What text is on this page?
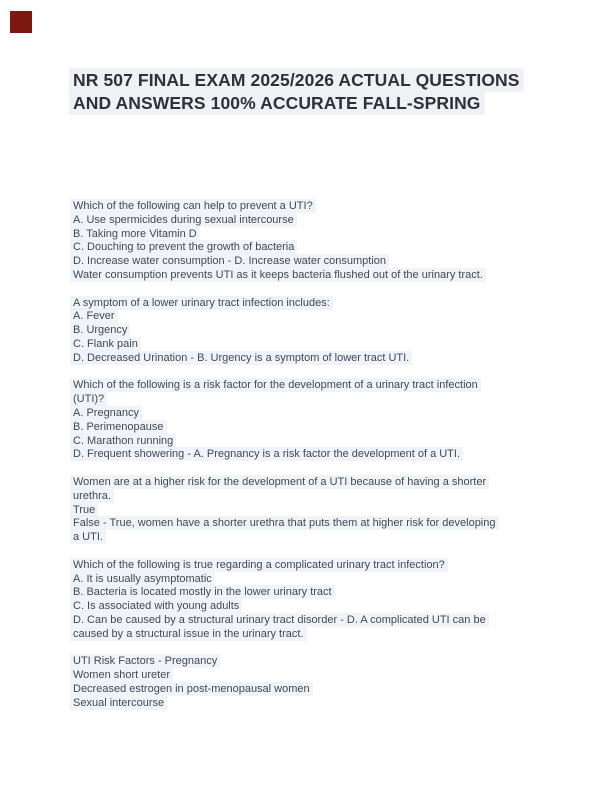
NR 507 FINAL EXAM 2025/2026 ACTUAL QUESTIONS
AND ANSWERS 100% ACCURATE FALL-SPRING
Which of the following can help to prevent a UTI?
A. Use spermicides during sexual intercourse
B. Taking more Vitamin D
C. Douching to prevent the growth of bacteria
D. Increase water consumption - D. Increase water consumption
Water consumption prevents UTI as it keeps bacteria flushed out of the urinary tract.
A symptom of a lower urinary tract infection includes:
A. Fever
B. Urgency
C. Flank pain
D. Decreased Urination - B. Urgency is a symptom of lower tract UTI.
Which of the following is a risk factor for the development of a urinary tract infection
(UTI)?
A. Pregnancy
B. Perimenopause
C. Marathon running
D. Frequent showering - A. Pregnancy is a risk factor the development of a UTI.
Women are at a higher risk for the development of a UTI because of having a shorter
urethra.
True
False - True, women have a shorter urethra that puts them at higher risk for developing
a UTI.
Which of the following is true regarding a complicated urinary tract infection?
A. It is usually asymptomatic
B. Bacteria is located mostly in the lower urinary tract
C. Is associated with young adults
D. Can be caused by a structural urinary tract disorder - D. A complicated UTI can be
caused by a structural issue in the urinary tract.
UTI Risk Factors - Pregnancy
Women short ureter
Decreased estrogen in post-menopausal women
Sexual intercourse
